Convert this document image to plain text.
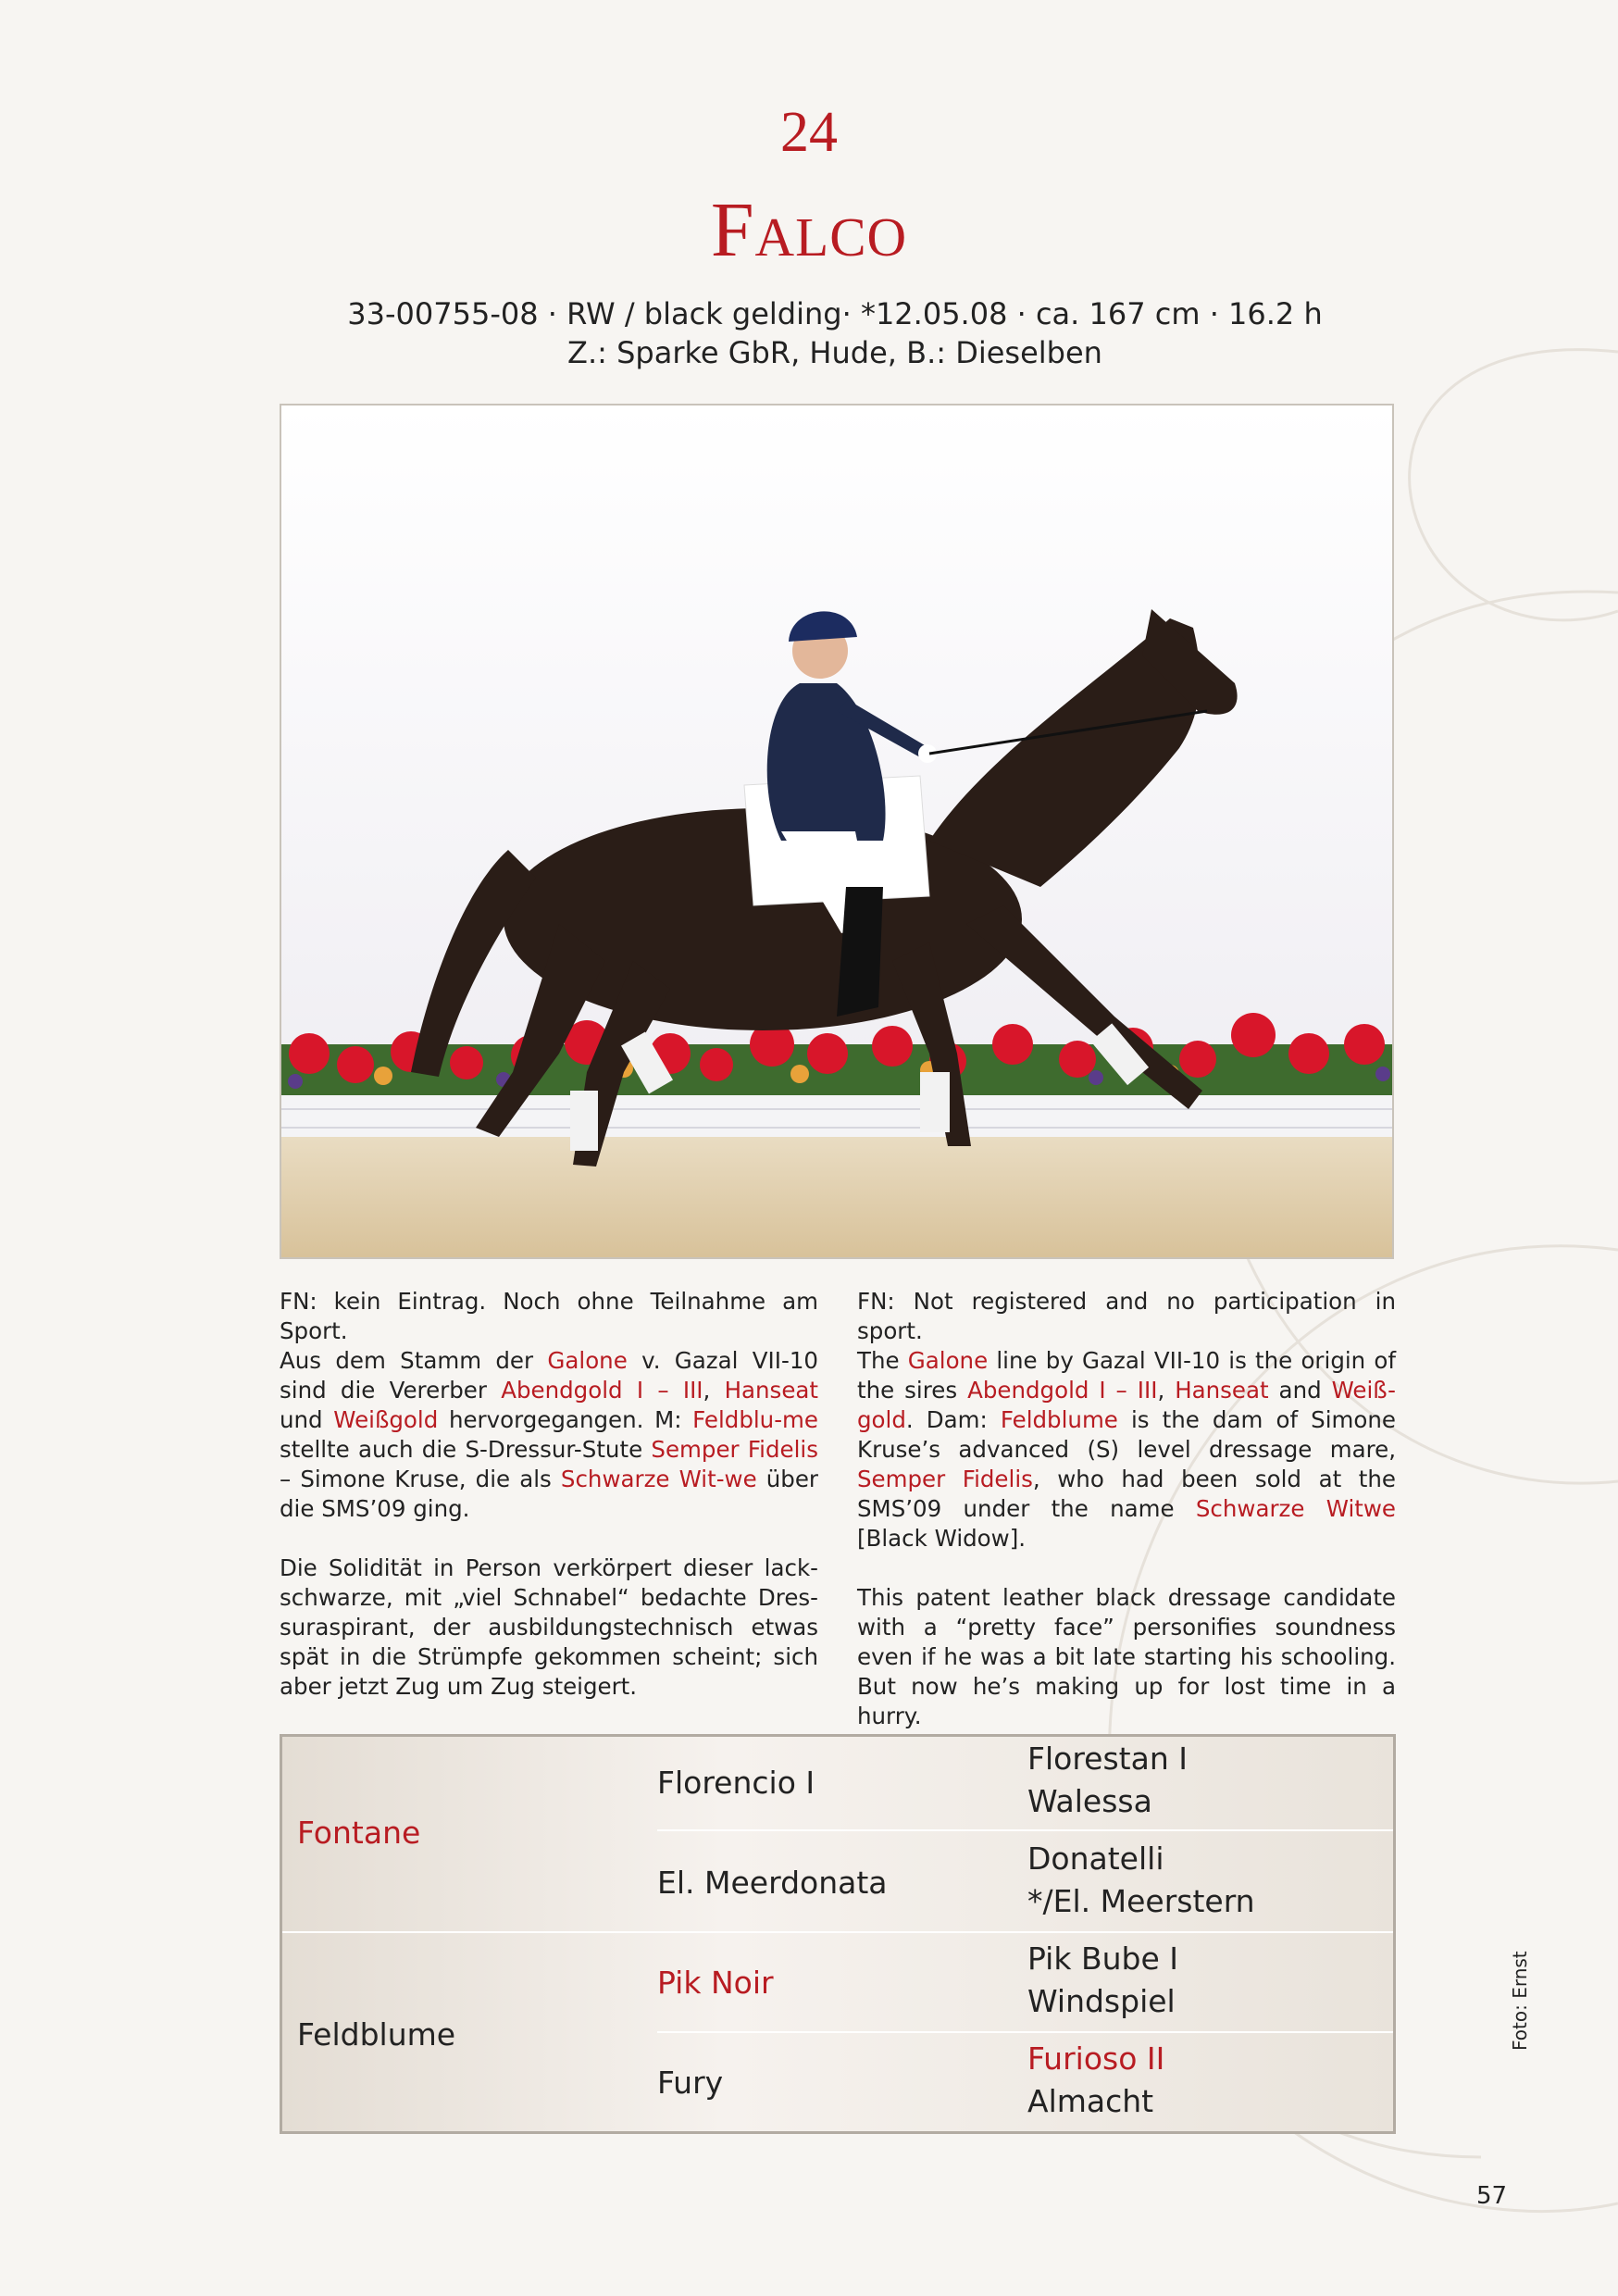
24
Falco
33-00755-08 · RW / black gelding· *12.05.08 · ca. 167 cm · 16.2 h
Z.: Sparke GbR, Hude, B.: Dieselben

FN: kein Eintrag. Noch ohne Teilnahme am Sport.
Aus dem Stamm der Galone v. Gazal VII-10 sind die Vererber Abendgold I – III, Hanseat und Weißgold hervorgegangen. M: Feldblu-me stellte auch die S-Dressur-Stute Semper Fidelis – Simone Kruse, die als Schwarze Wit-we über die SMS’09 ging.

Die Solidität in Person verkörpert dieser lack-schwarze, mit „viel Schnabel“ bedachte Dres-suraspirant, der ausbildungstechnisch etwas spät in die Strümpfe gekommen scheint; sich aber jetzt Zug um Zug steigert.

FN: Not registered and no participation in sport.
The Galone line by Gazal VII-10 is the origin of the sires Abendgold I – III, Hanseat and Weiß-gold. Dam: Feldblume is the dam of Simone Kruse’s advanced (S) level dressage mare, Semper Fidelis, who had been sold at the SMS’09 under the name Schwarze Witwe [Black Widow].

This patent leather black dressage candidate with a “pretty face” personifies soundness even if he was a bit late starting his schooling. But now he’s making up for lost time in a hurry.

Fontane
Feldblume
Florencio I
El. Meerdonata
Pik Noir
Fury
Florestan I
Walessa
Donatelli
*/El. Meerstern
Pik Bube I
Windspiel
Furioso II
Almacht
Foto: Ernst
57
